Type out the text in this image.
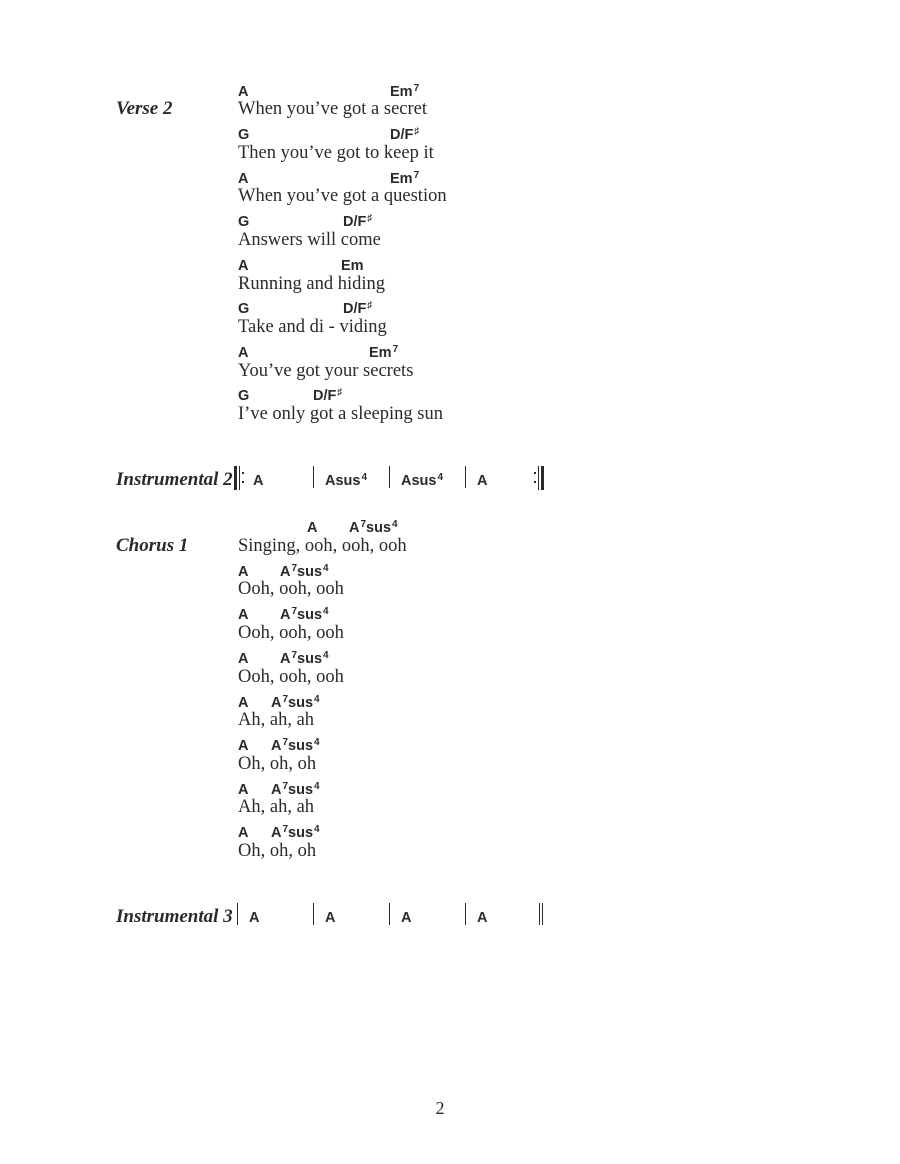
Verse 2
A	Em$^7$
When you’ve got a secret
G	D/F♯
Then you’ve got to keep it
A	Em$^7$
When you’ve got a question
G	D/F♯
Answers will come
A	Em
Running and hiding
G	D/F♯
Take and di - viding
A	Em$^7$
You’ve got your secrets
G	D/F♯
I’ve only got a sleeping sun
Instrumental 2 A	Asus$^4$ Asus$^4$ A
Chorus 1
A $A^7sus^4$
Singing, ooh, ooh, ooh
A $A^7sus^4$
Ooh, ooh, ooh
A $A^7sus^4$
Ooh, ooh, ooh
A $A^7sus^4$
Ooh, ooh, ooh
A $A^7sus^4$
Ah, ah, ah
A $A^7sus^4$
Oh, oh, oh
A $A^7sus^4$
Ah, ah, ah
A $A^7sus^4$
Oh, oh, oh
Instrumental 3 A	A	A	A
2
